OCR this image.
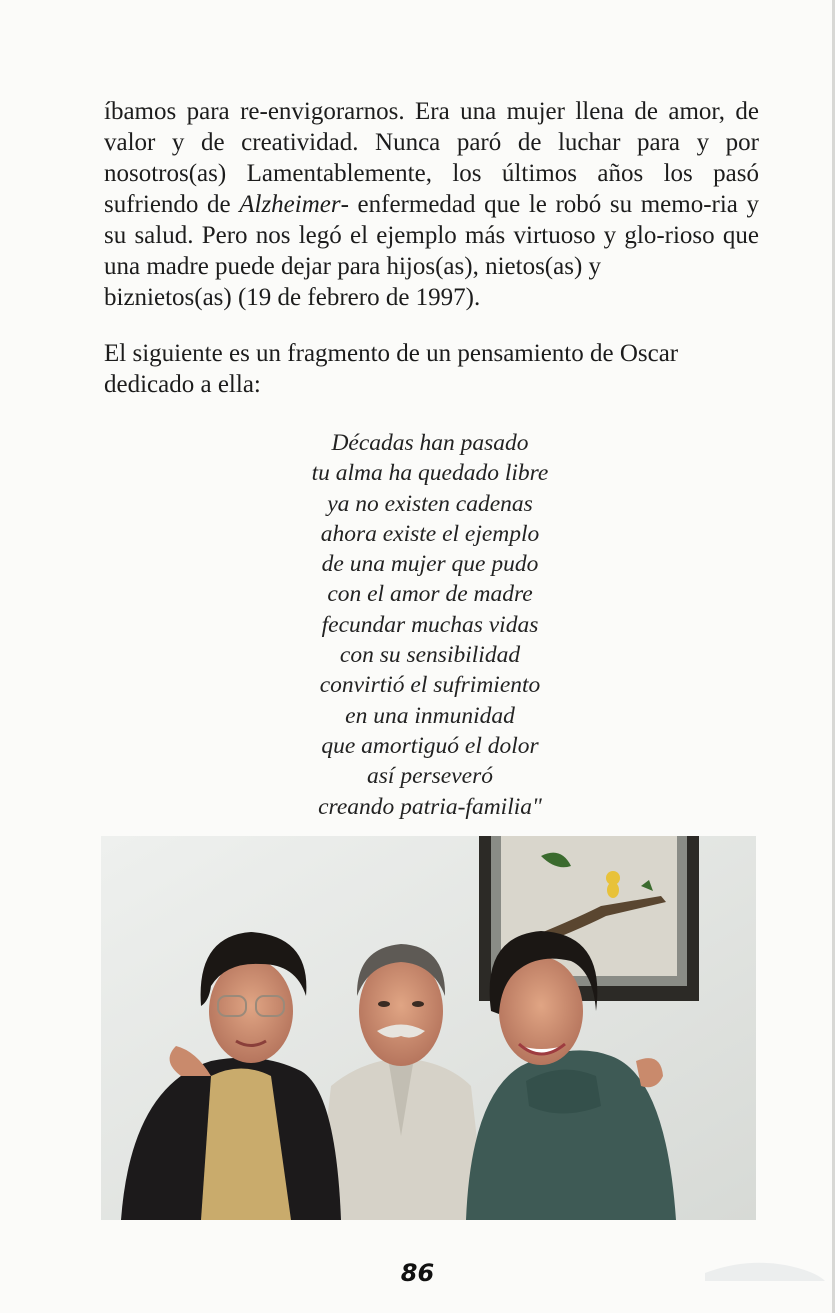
íbamos para re-envigorarnos. Era una mujer llena de amor, de valor y de creatividad. Nunca paró de luchar para y por nosotros(as) Lamentablemente, los últimos años los pasó sufriendo de Alzheimer- enfermedad que le robó su memo-ria y su salud. Pero nos legó el ejemplo más virtuoso y glo-rioso que una madre puede dejar para hijos(as), nietos(as) y
biznietos(as) (19 de febrero de 1997).

El siguiente es un fragmento de un pensamiento de Oscar
dedicado a ella:

Décadas han pasado
tu alma ha quedado libre
ya no existen cadenas
ahora existe el ejemplo
de una mujer que pudo
con el amor de madre
fecundar muchas vidas
con su sensibilidad
convirtió el sufrimiento
en una inmunidad
que amortiguó el dolor
así perseveró
creando patria-familia"
86
